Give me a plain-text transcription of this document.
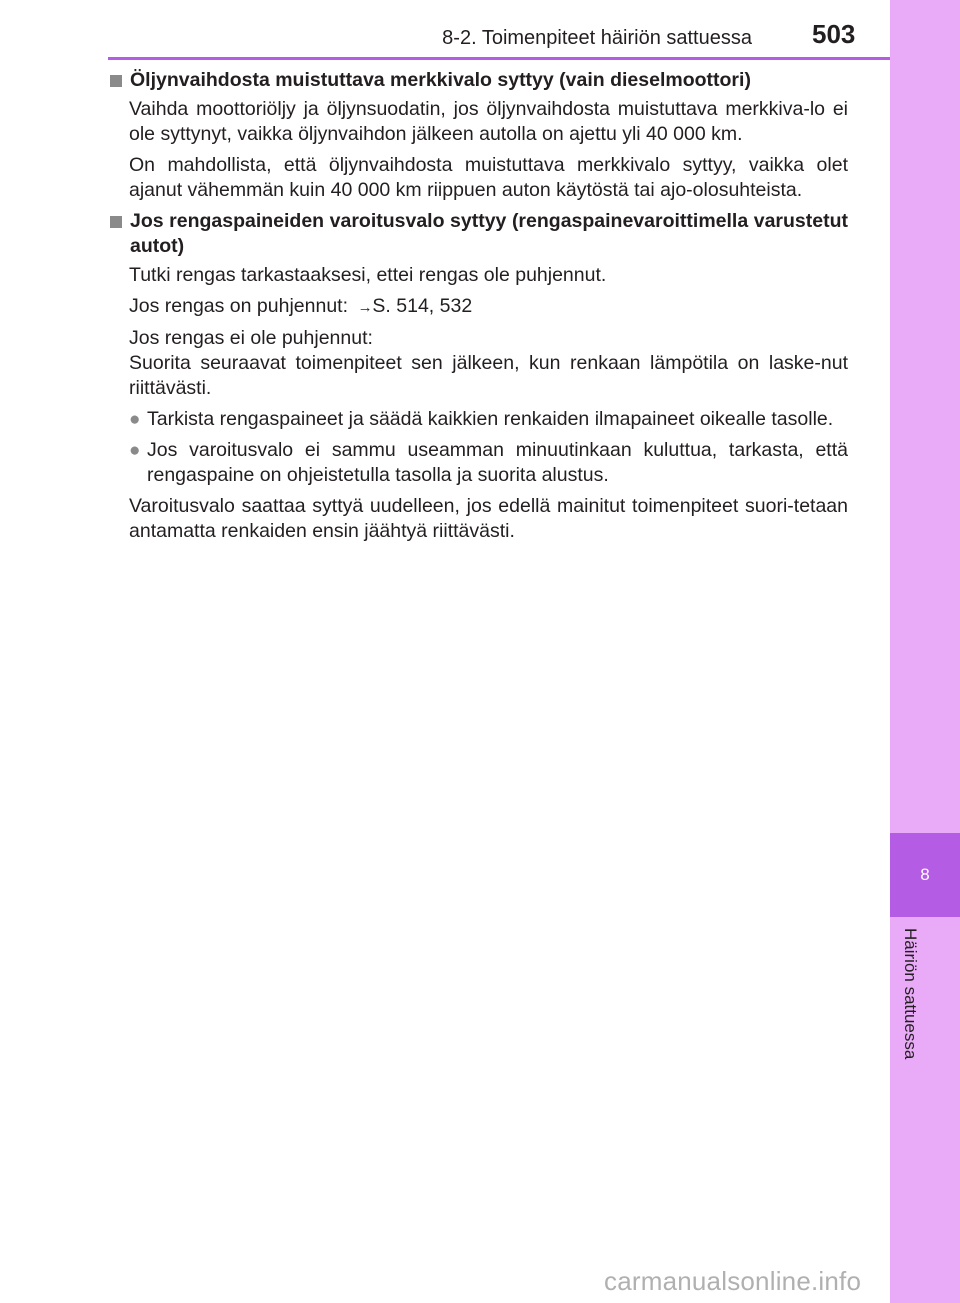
8
Häiriön sattuessa
8-2. Toimenpiteet häiriön sattuessa 503
Öljynvaihdosta muistuttava merkkivalo syttyy (vain dieselmoottori)

Vaihda moottoriöljy ja öljynsuodatin, jos öljynvaihdosta muistuttava merkkiva-lo ei ole syttynyt, vaikka öljynvaihdon jälkeen autolla on ajettu yli 40 000 km.

On mahdollista, että öljynvaihdosta muistuttava merkkivalo syttyy, vaikka olet ajanut vähemmän kuin 40 000 km riippuen auton käytöstä tai ajo-olosuhteista.

Jos rengaspaineiden varoitusvalo syttyy (rengaspainevaroittimella varustetut autot)

Tutki rengas tarkastaaksesi, ettei rengas ole puhjennut.

Jos rengas on puhjennut:  →S. 514, 532

Jos rengas ei ole puhjennut:
Suorita seuraavat toimenpiteet sen jälkeen, kun renkaan lämpötila on laske-nut riittävästi.

● Tarkista rengaspaineet ja säädä kaikkien renkaiden ilmapaineet oikealle tasolle.
● Jos varoitusvalo ei sammu useamman minuutinkaan kuluttua, tarkasta, että rengaspaine on ohjeistetulla tasolla ja suorita alustus.

Varoitusvalo saattaa syttyä uudelleen, jos edellä mainitut toimenpiteet suori-tetaan antamatta renkaiden ensin jäähtyä riittävästi.

carmanualsonline.info
